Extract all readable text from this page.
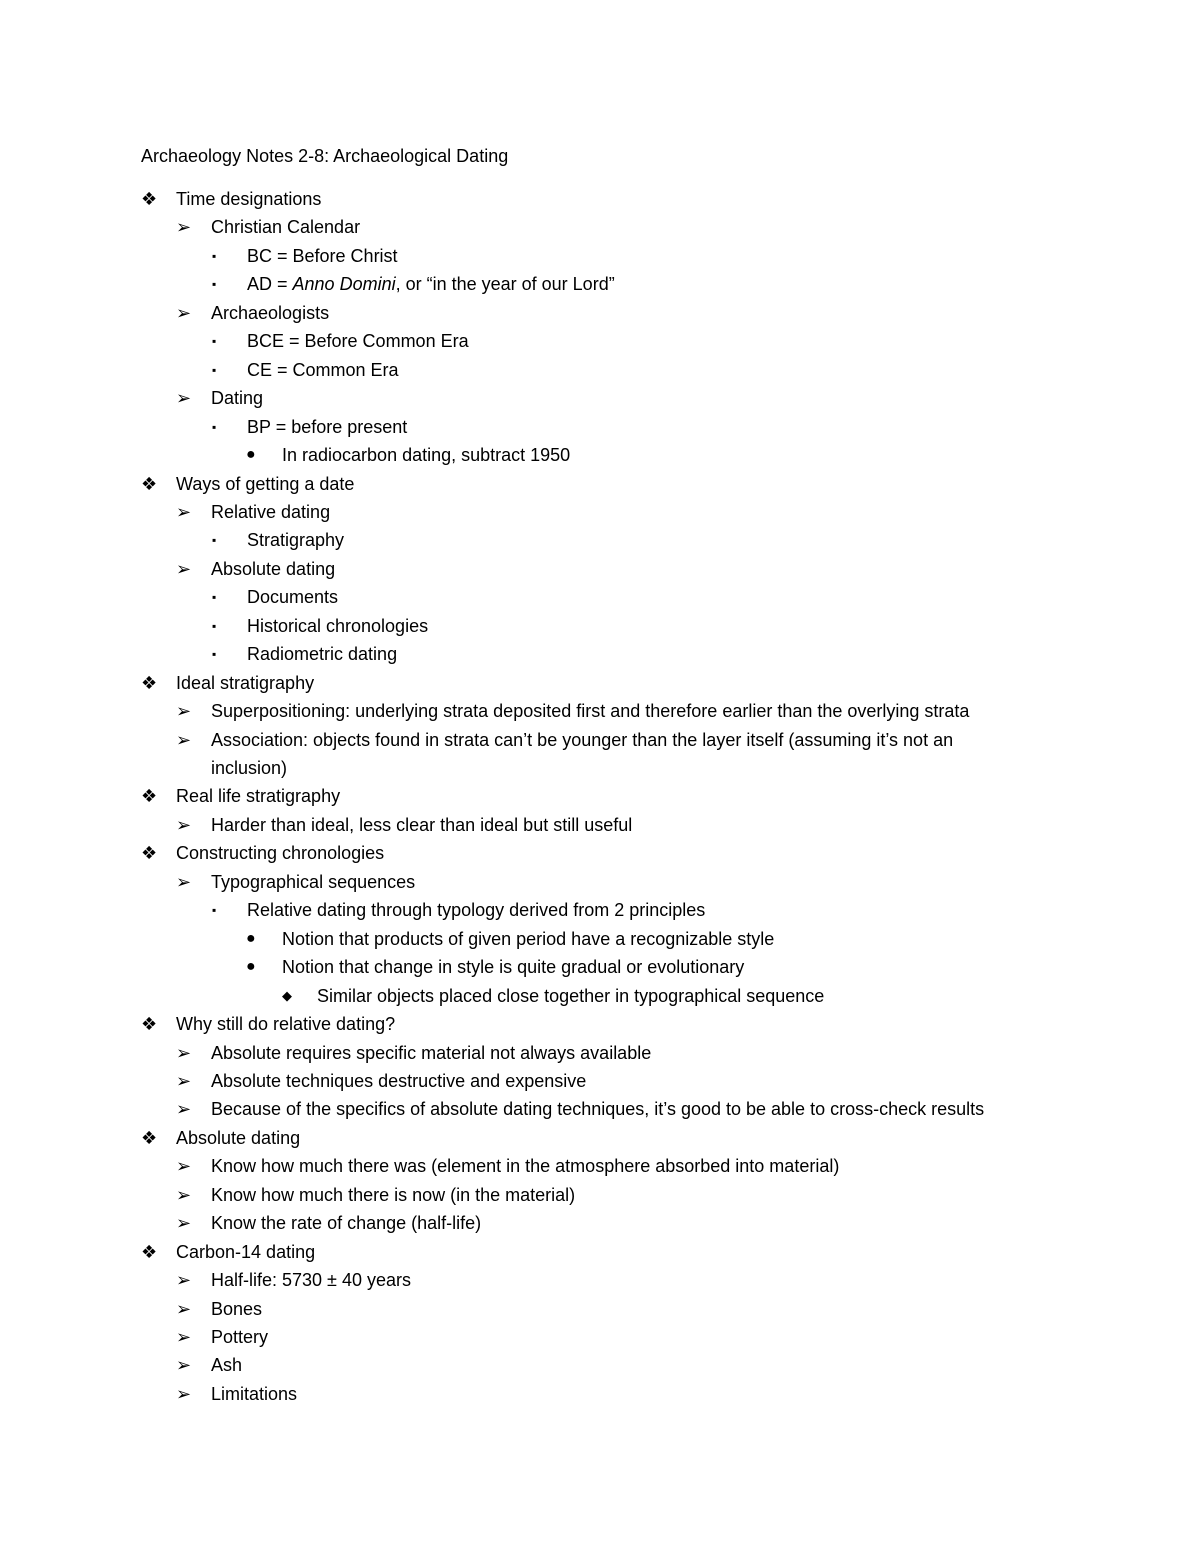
Archaeology Notes 2-8: Archaeological Dating
❖	Time designations
➢	Christian Calendar
▪	BC = Before Christ
▪	AD = Anno Domini, or “in the year of our Lord”
➢	Archaeologists
▪	BCE = Before Common Era
▪	CE = Common Era
➢	Dating
▪	BP = before present
●	In radiocarbon dating, subtract 1950
❖	Ways of getting a date
➢	Relative dating
▪	Stratigraphy
➢	Absolute dating
▪	Documents
▪	Historical chronologies
▪	Radiometric dating
❖	Ideal stratigraphy
➢	Superpositioning: underlying strata deposited first and therefore earlier than the overlying strata
➢	Association: objects found in strata can’t be younger than the layer itself (assuming it’s not an
inclusion)
❖	Real life stratigraphy
➢	Harder than ideal, less clear than ideal but still useful
❖	Constructing chronologies
➢	Typographical sequences
▪	Relative dating through typology derived from 2 principles
●	Notion that products of given period have a recognizable style
●	Notion that change in style is quite gradual or evolutionary
◆	Similar objects placed close together in typographical sequence
❖	Why still do relative dating?
➢	Absolute requires specific material not always available
➢	Absolute techniques destructive and expensive
➢	Because of the specifics of absolute dating techniques, it’s good to be able to cross-check results
❖	Absolute dating
➢	Know how much there was (element in the atmosphere absorbed into material)
➢	Know how much there is now (in the material)
➢	Know the rate of change (half-life)
❖	Carbon-14 dating
➢	Half-life: 5730 ± 40 years
➢	Bones
➢	Pottery
➢	Ash
➢	Limitations
